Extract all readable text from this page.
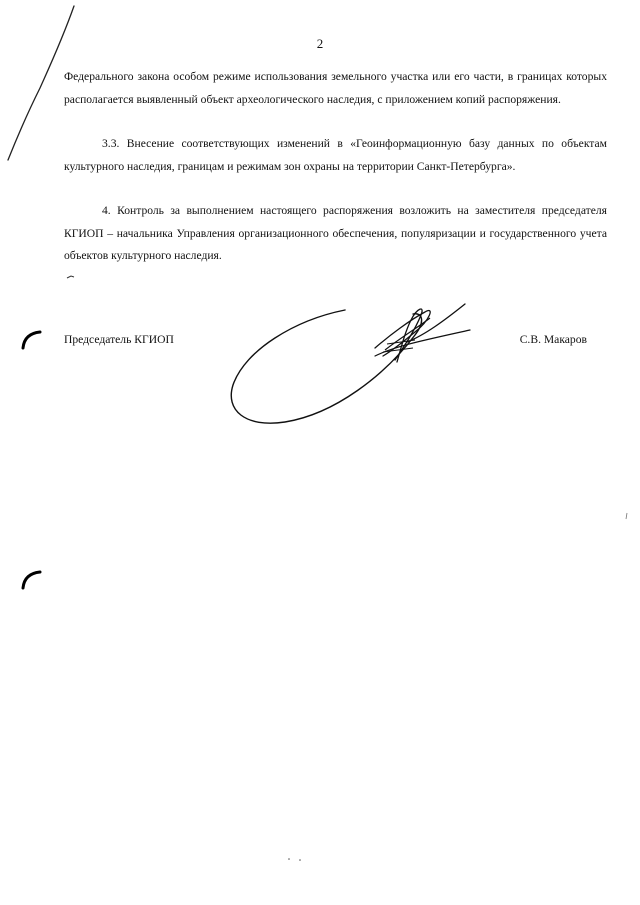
2

Федерального закона особом режиме использования земельного участка или его части, в границах которых располагается выявленный объект археологического наследия, с приложением копий распоряжения.

3.3. Внесение соответствующих изменений в «Геоинформационную базу данных по объектам культурного наследия, границам и режимам зон охраны на территории Санкт-Петербурга».

4. Контроль за выполнением настоящего распоряжения возложить на заместителя председателя КГИОП – начальника Управления организационного обеспечения, популяризации и государственного учета объектов культурного наследия.

Председатель КГИОП	С.В. Макаров
